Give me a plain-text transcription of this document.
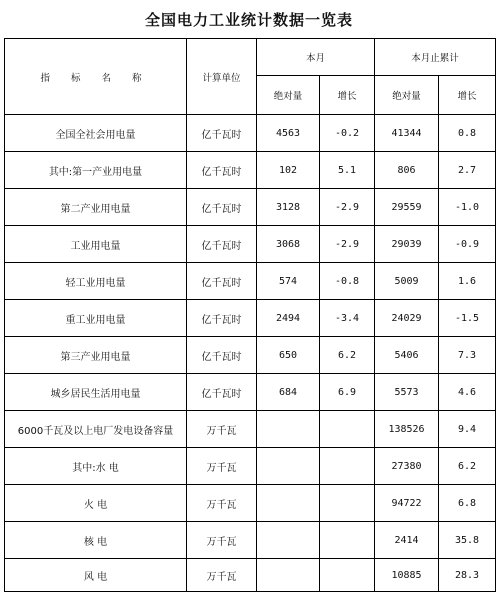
全国电力工业统计数据一览表
指 标 名 称	计算单位	本月		本月止累计	
		绝对量	增长	绝对量	增长
全国全社会用电量	亿千瓦时	4563	-0.2	41344	0.8
其中:第一产业用电量	亿千瓦时	102	5.1	806	2.7
第二产业用电量	亿千瓦时	3128	-2.9	29559	-1.0
工业用电量	亿千瓦时	3068	-2.9	29039	-0.9
轻工业用电量	亿千瓦时	574	-0.8	5009	1.6
重工业用电量	亿千瓦时	2494	-3.4	24029	-1.5
第三产业用电量	亿千瓦时	650	6.2	5406	7.3
城乡居民生活用电量	亿千瓦时	684	6.9	5573	4.6
6000千瓦及以上电厂发电设备容量	万千瓦			138526	9.4
其中:水 电	万千瓦			27380	6.2
火 电	万千瓦			94722	6.8
核 电	万千瓦			2414	35.8
风 电	万千瓦			10885	28.3
